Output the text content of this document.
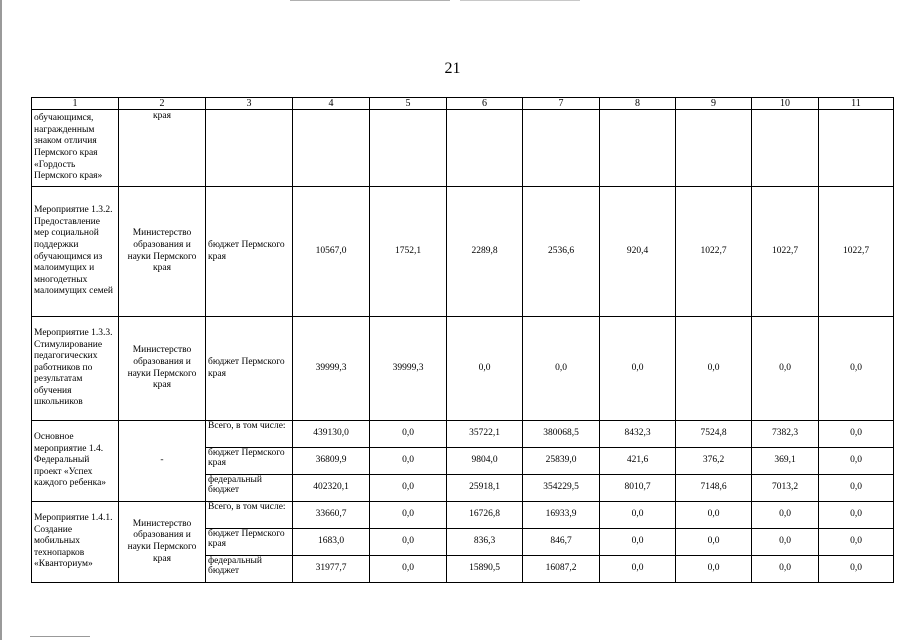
21
1	2	3	4	5	6	7	8	9	10	11
обучающимся, награжденным знаком отличия Пермского края «Гордость Пермского края»	края									
Мероприятие 1.3.2. Предоставление мер социальной поддержки обучающимся из малоимущих и многодетных малоимущих семей	Министерство образования и науки Пермского края	бюджет Пермского края	10567,0	1752,1	2289,8	2536,6	920,4	1022,7	1022,7	1022,7
Мероприятие 1.3.3. Стимулирование педагогических работников по результатам обучения школьников	Министерство образования и науки Пермского края	бюджет Пермского края	39999,3	39999,3	0,0	0,0	0,0	0,0	0,0	0,0
Основное мероприятие 1.4. Федеральный проект «Успех каждого ребенка»	-	Всего, в том числе:	439130,0	0,0	35722,1	380068,5	8432,3	7524,8	7382,3	0,0
		бюджет Пермского края	36809,9	0,0	9804,0	25839,0	421,6	376,2	369,1	0,0
		федеральный бюджет	402320,1	0,0	25918,1	354229,5	8010,7	7148,6	7013,2	0,0
Мероприятие 1.4.1. Создание мобильных технопарков «Кванториум»	Министерство образования и науки Пермского края	Всего, в том числе:	33660,7	0,0	16726,8	16933,9	0,0	0,0	0,0	0,0
		бюджет Пермского края	1683,0	0,0	836,3	846,7	0,0	0,0	0,0	0,0
		федеральный бюджет	31977,7	0,0	15890,5	16087,2	0,0	0,0	0,0	0,0
